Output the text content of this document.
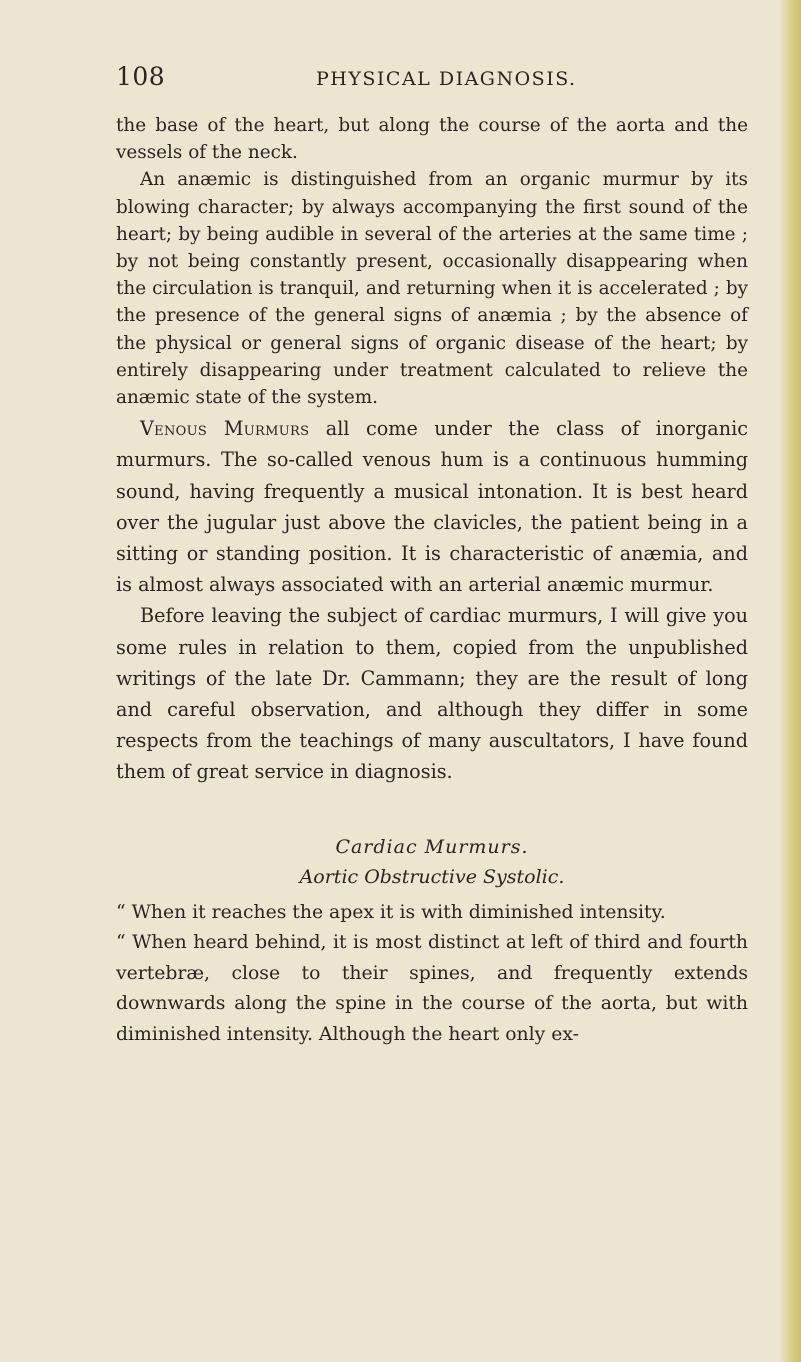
108	PHYSICAL DIAGNOSIS.

the base of the heart, but along the course of the aorta and the vessels of the neck.

An anæmic is distinguished from an organic murmur by its blowing character; by always accompanying the first sound of the heart; by being audible in several of the arteries at the same time ; by not being constantly present, occasionally disappearing when the circulation is tranquil, and returning when it is accelerated ; by the presence of the general signs of anæmia ; by the absence of the physical or general signs of organic disease of the heart; by entirely disappearing under treatment calculated to relieve the anæmic state of the system.

Venous Murmurs all come under the class of inorganic murmurs. The so-called venous hum is a continuous humming sound, having frequently a musical intonation. It is best heard over the jugular just above the clavicles, the patient being in a sitting or standing position. It is characteristic of anæmia, and is almost always associated with an arterial anæmic murmur.

Before leaving the subject of cardiac murmurs, I will give you some rules in relation to them, copied from the unpublished writings of the late Dr. Cammann; they are the result of long and careful observation, and although they differ in some respects from the teachings of many auscultators, I have found them of great service in diagnosis.

Cardiac Murmurs.
Aortic Obstructive Systolic.

“ When it reaches the apex it is with diminished intensity.

“ When heard behind, it is most distinct at left of third and fourth vertebræ, close to their spines, and frequently extends downwards along the spine in the course of the aorta, but with diminished intensity. Although the heart only ex-
